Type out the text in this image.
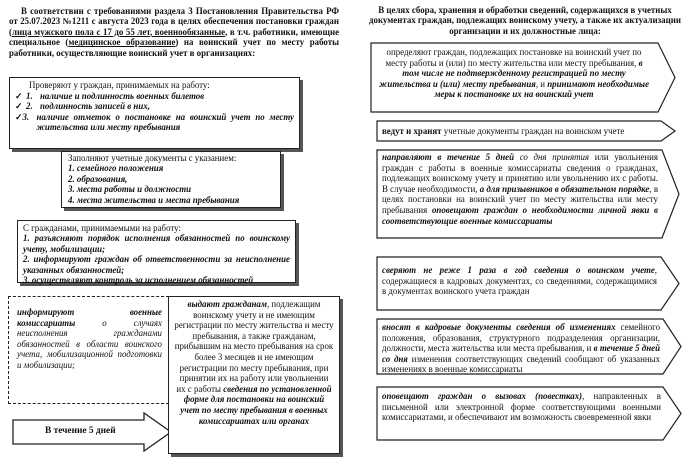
В соответствии с требованиями раздела 3 Постановления Правительства РФ от 25.07.2023 №1211 с августа 2023 года в целях обеспечения постановки граждан (лица мужского пола с 17 до 55 лет, военнообязанные, в т.ч. работники, имеющие специальное (медицинское образование) на воинский учет по месту работы работники, осуществляющие воинский учет в организациях:
Проверяют у граждан, принимаемых на работу:
✓ 1. наличие и подлинность военных билетов
✓ 2. подлинность записей в них,
✓ 3. наличие отметок о постановке на воинский учет по месту жительства или месту пребывания
Заполняют учетные документы с указанием:
1. семейного положения
2. образования,
3. места работы и должности
4. места жительства и места пребывания
С гражданами, принимаемыми на работу:
1. разъясняют порядок исполнения обязанностей по воинскому учету, мобилизации;
2. информируют граждан об ответственности за неисполнение указанных обязанностей;
3. осуществляют контроль за исполнением обязанностей
информируют военные комиссариаты	о случаях неисполнения гражданами обязанностей в области воинского учета, мобилизационной подготовки и мобилизации;
В течение 5 дней
выдают гражданам, подлежащим воинскому учету и не имеющим регистрации по месту жительства и месту пребывания, а также гражданам, прибывшим на место пребывания на срок более 3 месяцев и не имеющим регистрации по месту пребывания, при принятии их на работу или увольнении их с работы сведения по установленной форме для постановки на воинский учет по месту пребывания в военных комиссариатах или органах
В целях сбора, хранения и обработки сведений, содержащихся в учетных документах граждан, подлежащих воинскому учету, а также их актуализации организации и их должностные лица:
определяют граждан, подлежащих постановке на воинский учет по месту работы и (или) по месту жительства или месту пребывания, в том числе не подтвержденному регистрацией по месту жительства и (или) месту пребывания, и принимают необходимые меры к постановке их на воинский учет
ведут и хранят учетные документы граждан на воинском учете
направляют в течение 5 дней со дня принятия или увольнения граждан с работы в военные комиссариаты сведения о гражданах, подлежащих воинскому учету и принятию или увольнению их с работы. В случае необходимости, а для призывников в обязательном порядке, в целях постановки на воинский учет по месту жительства или месту пребывания оповещают граждан о необходимости личной явки в соответствующие военные комиссариаты
сверяют не реже 1 раза в год сведения о воинском учете, содержащиеся в кадровых документах, со сведениями, содержащимися в документах воинского учета граждан
вносят в кадровые документы сведения об изменениях семейного положения, образования, структурного подразделения организации, должности, места жительства или места пребывания, и в течение 5 дней со дня изменения соответствующих сведений сообщают об указанных изменениях в военные комиссариаты
оповещают граждан о вызовах (повестках), направленных в письменной или электронной форме соответствующими военными комиссариатами, и обеспечивают им возможность своевременной явки
